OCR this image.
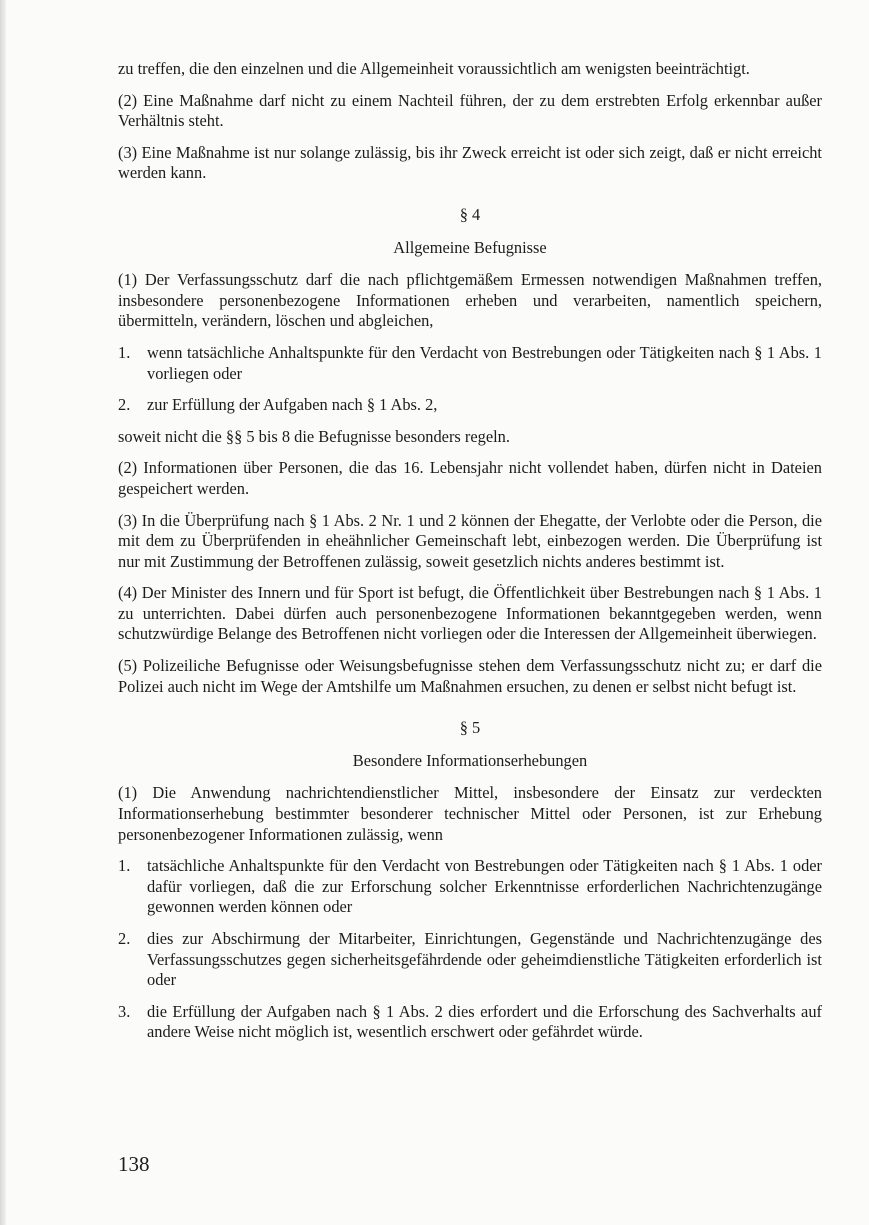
zu treffen, die den einzelnen und die Allgemeinheit voraussichtlich am wenigsten beeinträchtigt.

(2) Eine Maßnahme darf nicht zu einem Nachteil führen, der zu dem erstrebten Erfolg erkennbar außer Verhältnis steht.

(3) Eine Maßnahme ist nur solange zulässig, bis ihr Zweck erreicht ist oder sich zeigt, daß er nicht erreicht werden kann.

§ 4
Allgemeine Befugnisse

(1) Der Verfassungsschutz darf die nach pflichtgemäßem Ermessen notwendigen Maßnahmen treffen, insbesondere personenbezogene Informationen erheben und verarbeiten, namentlich speichern, übermitteln, verändern, löschen und abgleichen,

1.	wenn tatsächliche Anhaltspunkte für den Verdacht von Bestrebungen oder Tätigkeiten nach § 1 Abs. 1 vorliegen oder
2.	zur Erfüllung der Aufgaben nach § 1 Abs. 2,

soweit nicht die §§ 5 bis 8 die Befugnisse besonders regeln.

(2) Informationen über Personen, die das 16. Lebensjahr nicht vollendet haben, dürfen nicht in Dateien gespeichert werden.

(3) In die Überprüfung nach § 1 Abs. 2 Nr. 1 und 2 können der Ehegatte, der Verlobte oder die Person, die mit dem zu Überprüfenden in eheähnlicher Gemeinschaft lebt, einbezogen werden. Die Überprüfung ist nur mit Zustimmung der Betroffenen zulässig, soweit gesetzlich nichts anderes bestimmt ist.

(4) Der Minister des Innern und für Sport ist befugt, die Öffentlichkeit über Bestrebungen nach § 1 Abs. 1 zu unterrichten. Dabei dürfen auch personenbezogene Informationen bekanntgegeben werden, wenn schutzwürdige Belange des Betroffenen nicht vorliegen oder die Interessen der Allgemeinheit überwiegen.

(5) Polizeiliche Befugnisse oder Weisungsbefugnisse stehen dem Verfassungsschutz nicht zu; er darf die Polizei auch nicht im Wege der Amtshilfe um Maßnahmen ersuchen, zu denen er selbst nicht befugt ist.

§ 5
Besondere Informationserhebungen

(1) Die Anwendung nachrichtendienstlicher Mittel, insbesondere der Einsatz zur verdeckten Informationserhebung bestimmter besonderer technischer Mittel oder Personen, ist zur Erhebung personenbezogener Informationen zulässig, wenn

1.	tatsächliche Anhaltspunkte für den Verdacht von Bestrebungen oder Tätigkeiten nach § 1 Abs. 1 oder dafür vorliegen, daß die zur Erforschung solcher Erkenntnisse erforderlichen Nachrichtenzugänge gewonnen werden können oder
2.	dies zur Abschirmung der Mitarbeiter, Einrichtungen, Gegenstände und Nachrichtenzugänge des Verfassungsschutzes gegen sicherheitsgefährdende oder geheimdienstliche Tätigkeiten erforderlich ist oder
3.	die Erfüllung der Aufgaben nach § 1 Abs. 2 dies erfordert und die Erforschung des Sachverhalts auf andere Weise nicht möglich ist, wesentlich erschwert oder gefährdet würde.
138
